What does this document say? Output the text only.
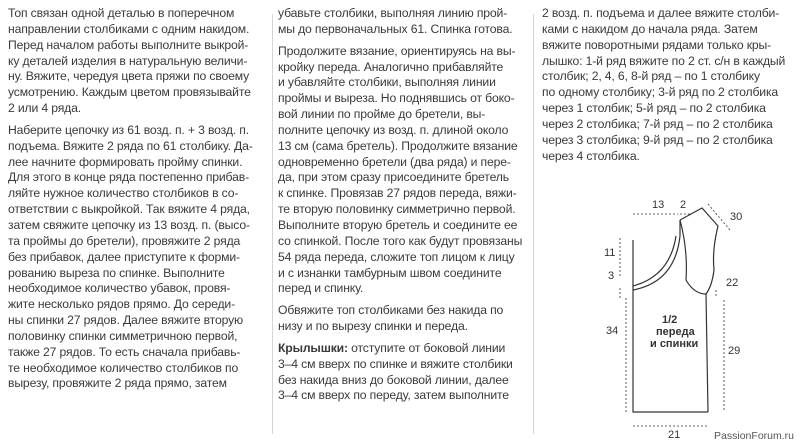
Топ связан одной деталью в поперечном

направлении столбиками с одним накидом.

Перед началом работы выполните выкрой-

ку деталей изделия в натуральную величи-

ну. Вяжите, чередуя цвета пряжи по своему

усмотрению. Каждым цветом провязывайте

2 или 4 ряда.

Наберите цепочку из 61 возд. п. + 3 возд. п.

подъема. Вяжите 2 ряда по 61 столбику. Да-

лее начните формировать пройму спинки.

Для этого в конце ряда постепенно прибав-

ляйте нужное количество столбиков в со-

ответствии с выкройкой. Так вяжите 4 ряда,

затем свяжите цепочку из 13 возд. п. (высо-

та проймы до бретели), провяжите 2 ряда

без прибавок, далее приступите к форми-

рованию выреза по спинке. Выполните

необходимое количество убавок, провя-

жите несколько рядов прямо. До середи-

ны спинки 27 рядов. Далее вяжите вторую

половинку спинки симметричною первой,

также 27 рядов. То есть сначала прибавь-

те необходимое количество столбиков по

вырезу, провяжите 2 ряда прямо, затем

убавьте столбики, выполняя линию прой-

мы до первоначальных 61. Спинка готова.

Продолжите вязание, ориентируясь на вы-

кройку переда. Аналогично прибавляйте

и убавляйте столбики, выполняя линии

проймы и выреза. Но поднявшись от боко-

вой линии по пройме до бретели, вы-

полните цепочку из возд. п. длиной около

13 см (сама бретель). Продолжите вязание

одновременно бретели (два ряда) и пере-

да, при этом сразу присоедините бретель

к спинке. Провязав 27 рядов переда, вяжи-

те вторую половинку симметрично первой.

Выполните вторую бретель и соедините ее

со спинкой. После того как будут провязаны

54 ряда переда, сложите топ лицом к лицу

и с изнанки тамбурным швом соедините

перед и спинку.

Обвяжите топ столбиками без накида по

низу и по вырезу спинки и переда.

Крылышки: отступите от боковой линии

3–4 см вверх по спинке и вяжите столбики

без накида вниз до боковой линии, далее

3–4 см вверх по переду, затем выполните

2 возд. п. подъема и далее вяжите столби-

ками с накидом до начала ряда. Затем

вяжите поворотными рядами только кры-

лышко: 1-й ряд вяжите по 2 ст. с/н в каждый

столбик; 2, 4, 6, 8-й ряд – по 1 столбику

по одному столбику; 3-й ряд по 2 столбика

через 1 столбик; 5-й ряд – по 2 столбика

через 2 столбика; 7-й ряд – по 2 столбика

через 3 столбика; 9-й ряд – по 2 столбика

через 4 столбика.

13 2
30
11
3
22
34
29
21
1/2
переда
и спинки
PassionForum.ru
